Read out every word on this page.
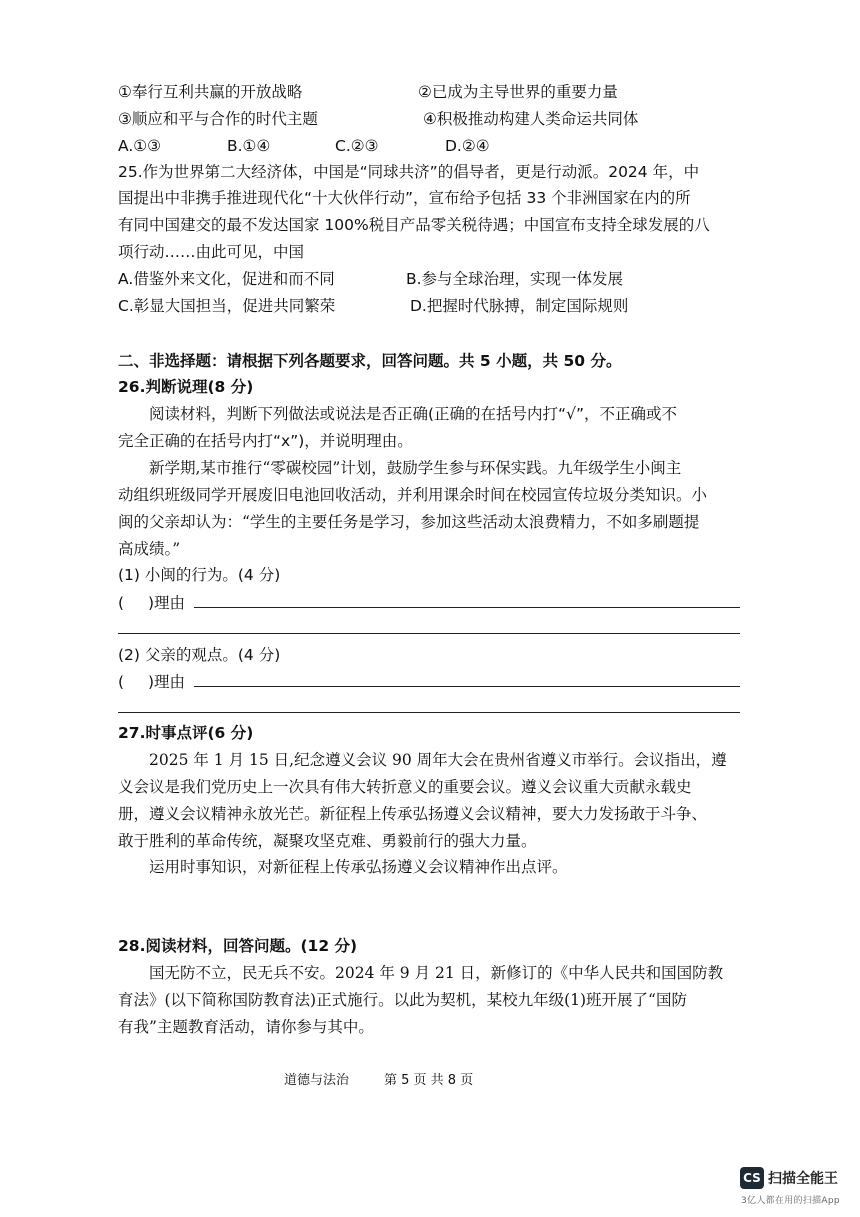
①奉行互利共赢的开放战略	②已成为主导世界的重要力量
③顺应和平与合作的时代主题	④积极推动构建人类命运共同体
A.①③	B.①④	C.②③	D.②④
25.作为世界第二大经济体，中国是“同球共济”的倡导者，更是行动派。2024 年，中
国提出中非携手推进现代化“十大伙伴行动”，宣布给予包括 33 个非洲国家在内的所
有同中国建交的最不发达国家 100%税目产品零关税待遇；中国宣布支持全球发展的八
项行动……由此可见，中国
A.借鉴外来文化，促进和而不同	B.参与全球治理，实现一体发展
C.彰显大国担当，促进共同繁荣	D.把握时代脉搏，制定国际规则
二、非选择题：请根据下列各题要求，回答问题。共 5 小题，共 50 分。
26.判断说理(8 分)
阅读材料，判断下列做法或说法是否正确(正确的在括号内打“√”，不正确或不
完全正确的在括号内打“x”)，并说明理由。
新学期,某市推行“零碳校园”计划，鼓励学生参与环保实践。九年级学生小闽主
动组织班级同学开展废旧电池回收活动，并利用课余时间在校园宣传垃圾分类知识。小
闽的父亲却认为：“学生的主要任务是学习，参加这些活动太浪费精力，不如多刷题提
高成绩。”
(1) 小闽的行为。(4 分)
( )理由
(2) 父亲的观点。(4 分)
( )理由
27.时事点评(6 分)
2025 年 1 月 15 日,纪念遵义会议 90 周年大会在贵州省遵义市举行。会议指出，遵
义会议是我们党历史上一次具有伟大转折意义的重要会议。遵义会议重大贡献永载史
册，遵义会议精神永放光芒。新征程上传承弘扬遵义会议精神，要大力发扬敢于斗争、
敢于胜利的革命传统，凝聚攻坚克难、勇毅前行的强大力量。
运用时事知识，对新征程上传承弘扬遵义会议精神作出点评。
28.阅读材料，回答问题。(12 分)
国无防不立，民无兵不安。2024 年 9 月 21 日，新修订的《中华人民共和国国防教
育法》(以下简称国防教育法)正式施行。以此为契机，某校九年级(1)班开展了“国防
有我”主题教育活动，请你参与其中。
道德与法治	第 5 页 共 8 页
CS 扫描全能王
3亿人都在用的扫描App
